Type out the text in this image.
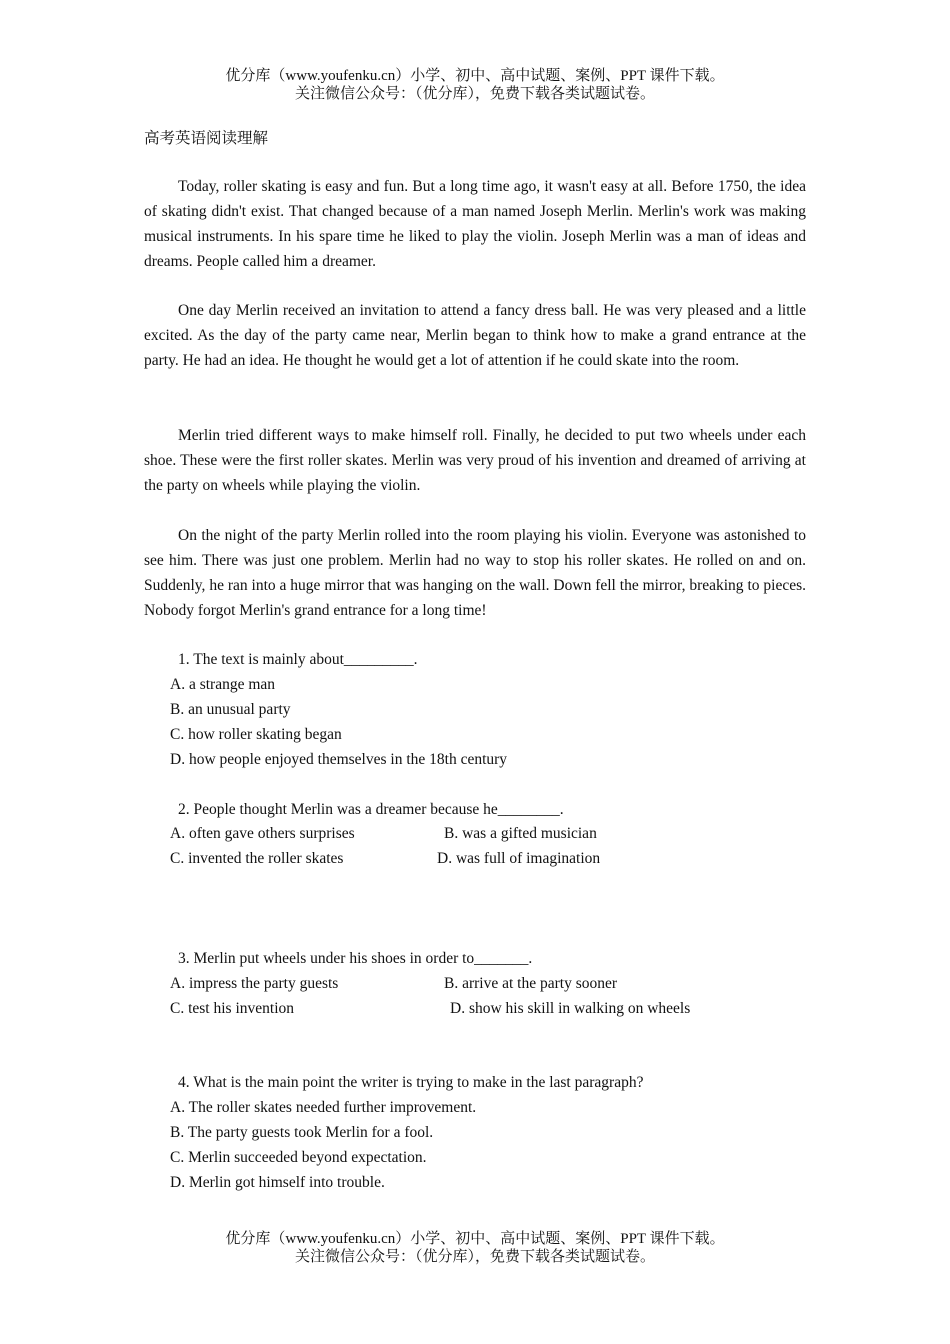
优分库（www.youfenku.cn）小学、初中、高中试题、案例、PPT 课件下载。
关注微信公众号：（优分库），免费下载各类试题试卷。
高考英语阅读理解

Today, roller skating is easy and fun. But a long time ago, it wasn't easy at all. Before 1750, the idea of skating didn't exist. That changed because of a man named Joseph Merlin. Merlin's work was making musical instruments. In his spare time he liked to play the violin. Joseph Merlin was a man of ideas and dreams. People called him a dreamer.

One day Merlin received an invitation to attend a fancy dress ball. He was very pleased and a little excited. As the day of the party came near, Merlin began to think how to make a grand entrance at the party. He had an idea. He thought he would get a lot of attention if he could skate into the room.

Merlin tried different ways to make himself roll. Finally, he decided to put two wheels under each shoe. These were the first roller skates. Merlin was very proud of his invention and dreamed of arriving at the party on wheels while playing the violin.

On the night of the party Merlin rolled into the room playing his violin. Everyone was astonished to see him. There was just one problem. Merlin had no way to stop his roller skates. He rolled on and on. Suddenly, he ran into a huge mirror that was hanging on the wall. Down fell the mirror, breaking to pieces. Nobody forgot Merlin's grand entrance for a long time!

1. The text is mainly about_________.
A. a strange man
B. an unusual party
C. how roller skating began
D. how people enjoyed themselves in the 18th century
2. People thought Merlin was a dreamer because he________.
A. often gave others surprises	B. was a gifted musician
C. invented the roller skates	D. was full of imagination
3. Merlin put wheels under his shoes in order to_______.
A. impress the party guests	B. arrive at the party sooner
C. test his invention	D. show his skill in walking on wheels
4. What is the main point the writer is trying to make in the last paragraph?
A. The roller skates needed further improvement.
B. The party guests took Merlin for a fool.
C. Merlin succeeded beyond expectation.
D. Merlin got himself into trouble.
优分库（www.youfenku.cn）小学、初中、高中试题、案例、PPT 课件下载。
关注微信公众号：（优分库），免费下载各类试题试卷。
